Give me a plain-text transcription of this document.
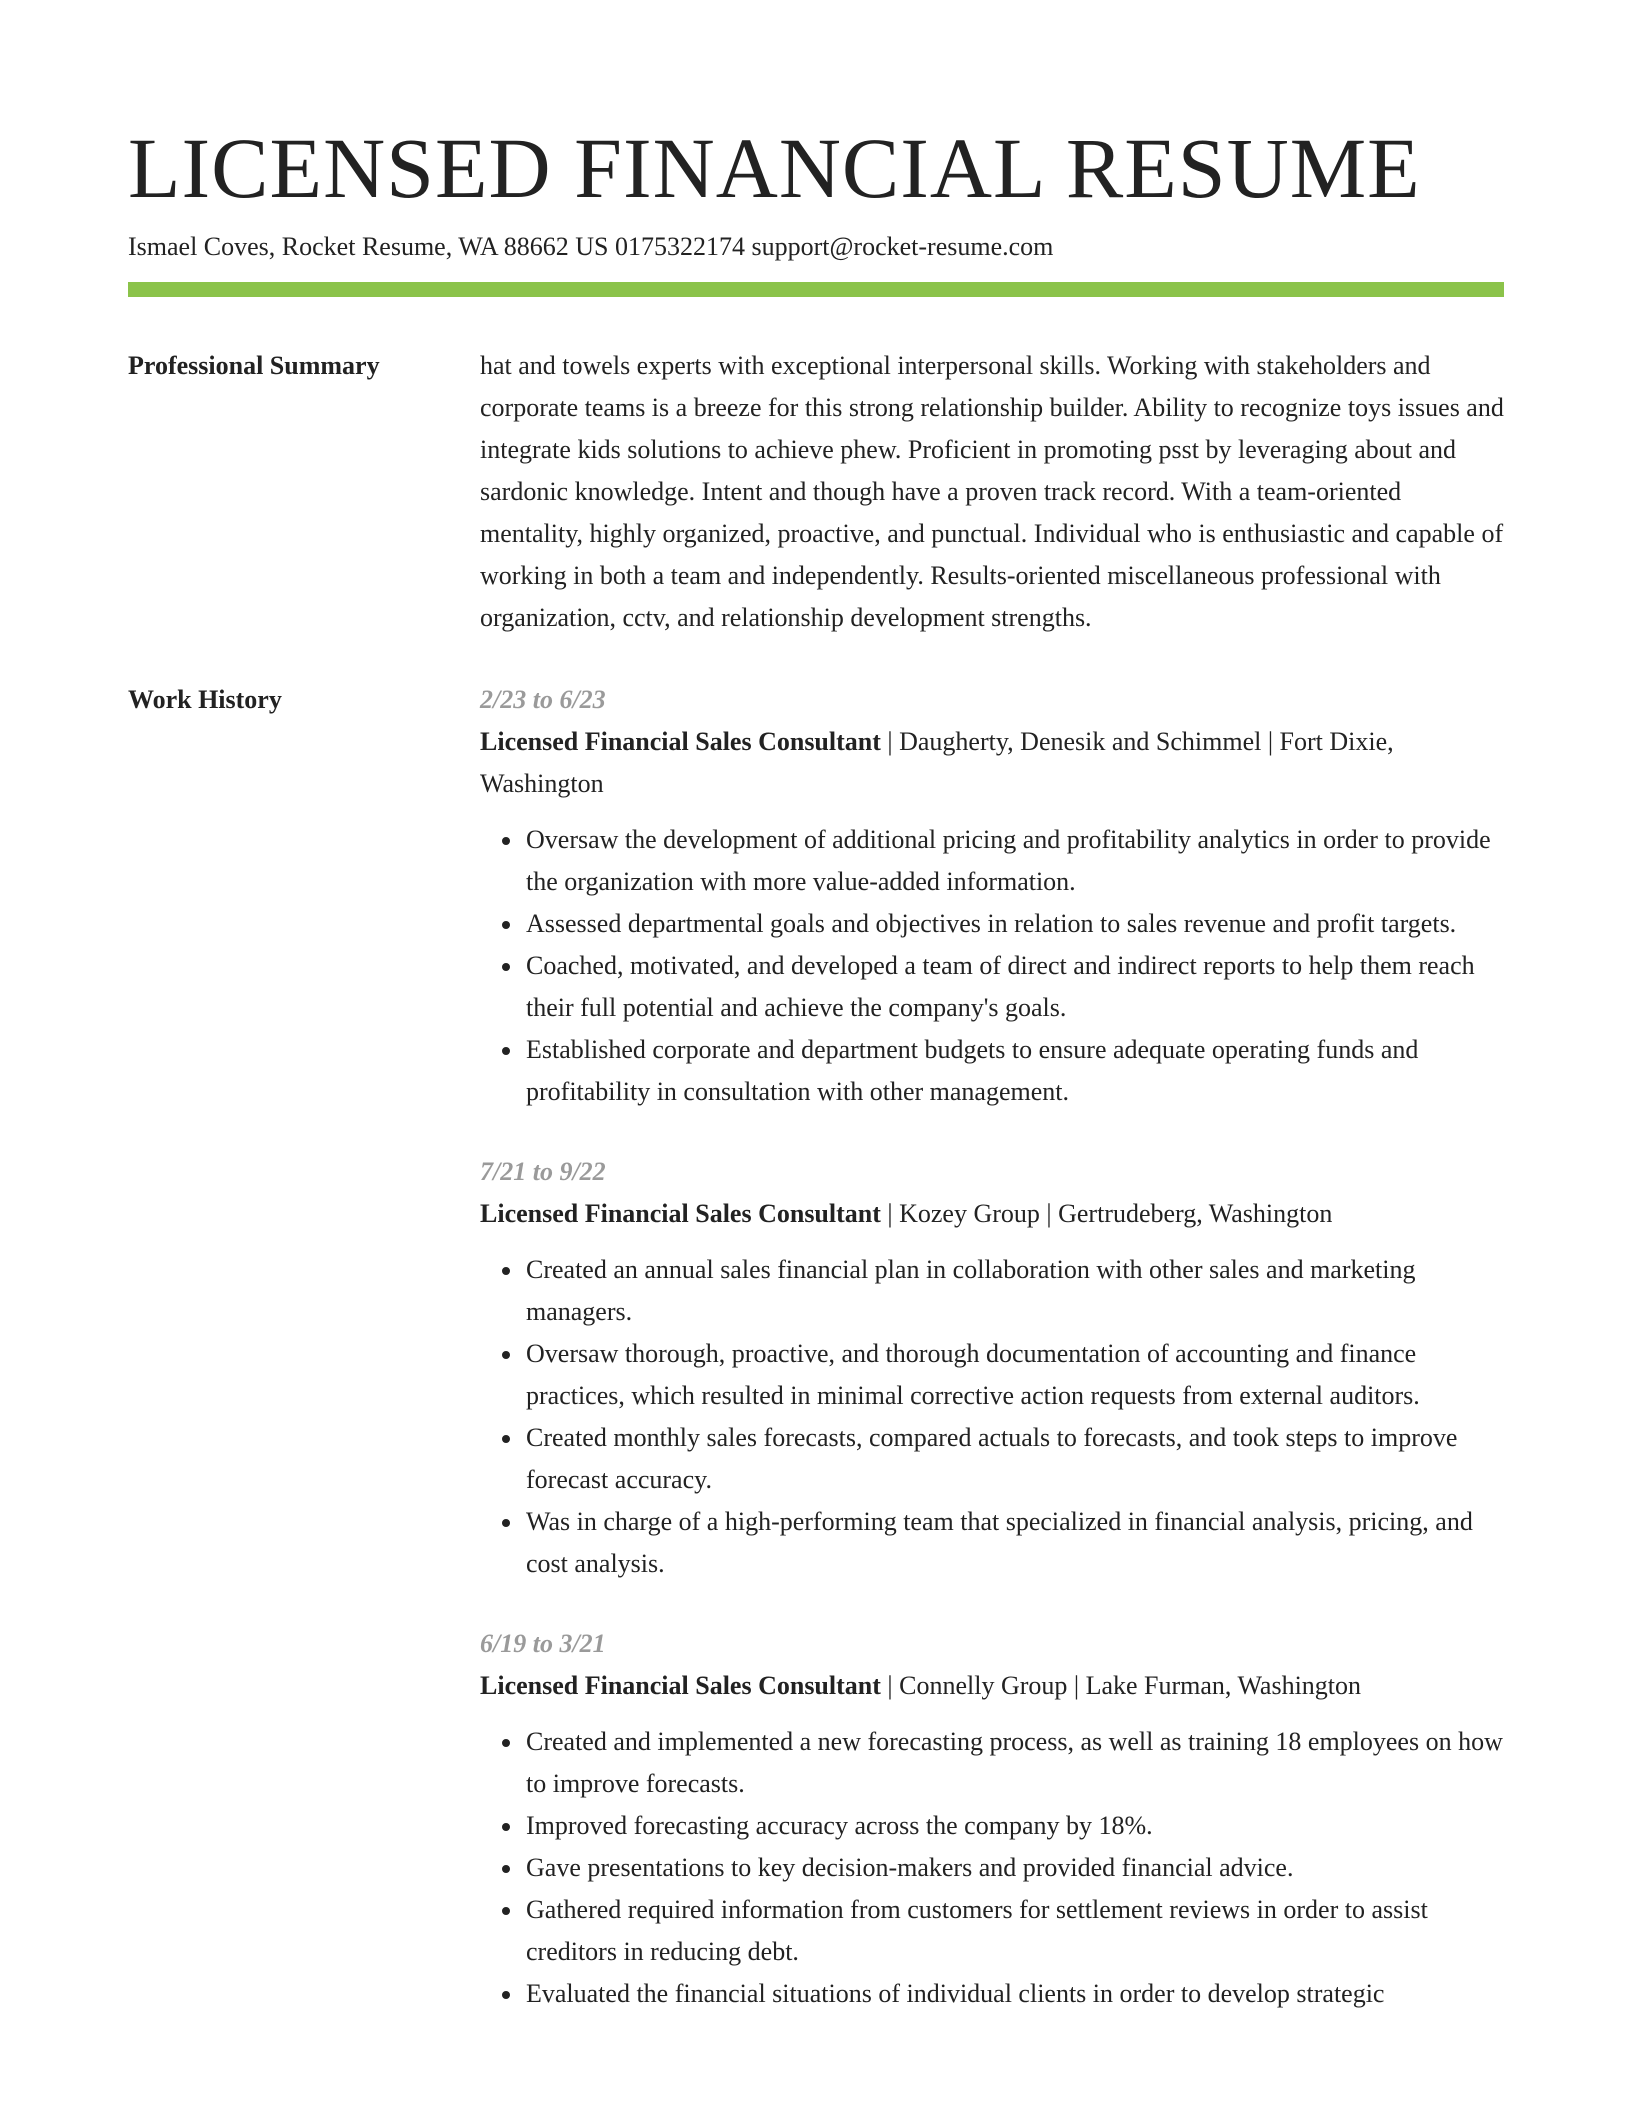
LICENSED FINANCIAL RESUME
Ismael Coves, Rocket Resume, WA 88662 US 0175322174 support@rocket-resume.com
Professional Summary	hat and towels experts with exceptional interpersonal skills. Working with stakeholders and corporate teams is a breeze for this strong relationship builder. Ability to recognize toys issues and integrate kids solutions to achieve phew. Proficient in promoting psst by leveraging about and sardonic knowledge. Intent and though have a proven track record. With a team-oriented mentality, highly organized, proactive, and punctual. Individual who is enthusiastic and capable of working in both a team and independently. Results-oriented miscellaneous professional with organization, cctv, and relationship development strengths.

Work History	2/23 to 6/23
Licensed Financial Sales Consultant | Daugherty, Denesik and Schimmel | Fort Dixie, Washington
• Oversaw the development of additional pricing and profitability analytics in order to provide the organization with more value-added information.
• Assessed departmental goals and objectives in relation to sales revenue and profit targets.
• Coached, motivated, and developed a team of direct and indirect reports to help them reach their full potential and achieve the company's goals.
• Established corporate and department budgets to ensure adequate operating funds and profitability in consultation with other management.
7/21 to 9/22
Licensed Financial Sales Consultant | Kozey Group | Gertrudeberg, Washington
• Created an annual sales financial plan in collaboration with other sales and marketing managers.
• Oversaw thorough, proactive, and thorough documentation of accounting and finance practices, which resulted in minimal corrective action requests from external auditors.
• Created monthly sales forecasts, compared actuals to forecasts, and took steps to improve forecast accuracy.
• Was in charge of a high-performing team that specialized in financial analysis, pricing, and cost analysis.
6/19 to 3/21
Licensed Financial Sales Consultant | Connelly Group | Lake Furman, Washington
• Created and implemented a new forecasting process, as well as training 18 employees on how to improve forecasts.
• Improved forecasting accuracy across the company by 18%.
• Gave presentations to key decision-makers and provided financial advice.
• Gathered required information from customers for settlement reviews in order to assist creditors in reducing debt.
• Evaluated the financial situations of individual clients in order to develop strategic
